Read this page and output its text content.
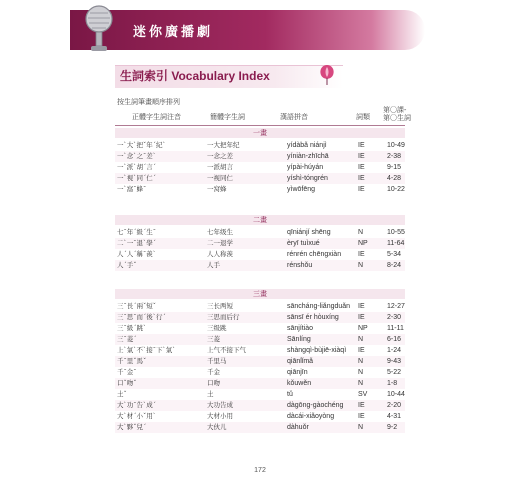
迷你廣播劇
生詞索引 Vocabulary Index
按生詞筆畫順序排列
正體字生詞注音	簡體字生詞	漢語拼音	詞類
第〇課-
第〇生詞
一畫
一ˋ大ˋ把ˇ年ˊ紀ˋ	一大把年纪	yídàbǎ niánjì	IE	10-49
一ˋ念ˋ之ˉ差ˋ	一念之差	yíniàn-zhīchā	IE	2-38
一ˋ派ˋ胡ˊ言ˊ	一派胡言	yípài-húyán	IE	9-15
一ˋ視ˋ同ˊ仁ˊ	一视同仁	yíshì-tóngrén	IE	4-28
一ˋ窩ˉ蜂ˉ	一窝蜂	yìwōfēng	IE	10-22
二畫
七ˉ年ˊ級ˊ生ˉ	七年级生	qīniánjí shēng	N	10-55
二ˋ一ˉ退ˋ學ˊ	二一退学	èryī tuìxué	NP	11-64
人ˊ人ˊ稱ˉ羨ˋ	人人称羡	rénrén chēngxiàn IE	5-34
人ˊ手ˇ	人手	rénshǒu	N	8-24
三畫
三ˉ長ˊ兩ˇ短ˇ	三长两短	sāncháng-liǎngduǎn IE	12-27
三ˉ思ˉ而ˊ後ˋ行ˊ	三思而后行	sānsī ér hòuxíng	IE	2-30
三ˉ級ˊ跳ˋ	三级跳	sānjítiào	NP	11-11
三ˉ菱ˊ	三菱	Sānlíng	N	6-16
上ˋ氣ˋ不ˋ接ˉ下ˋ氣ˋ	上气不接下气	shàngqì-bùjiē-xiàqì IE	1-24
千ˉ里ˇ馬ˇ	千里马	qiānlǐmǎ	N	9-43
千ˉ金ˉ	千金	qiānjīn	N	5-22
口ˇ吻ˇ	口吻	kǒuwěn	N	1-8
土ˇ	土	tǔ	SV	10-44
大ˋ功ˉ告ˋ成ˊ	大功告成	dàgōng-gàochéng IE	2-20
大ˋ材ˊ小ˇ用ˋ	大材小用	dàcái-xiǎoyòng	IE	4-31
大ˋ夥ˇ兒ˊ	大伙儿	dàhuǒr	N	9-2
172
